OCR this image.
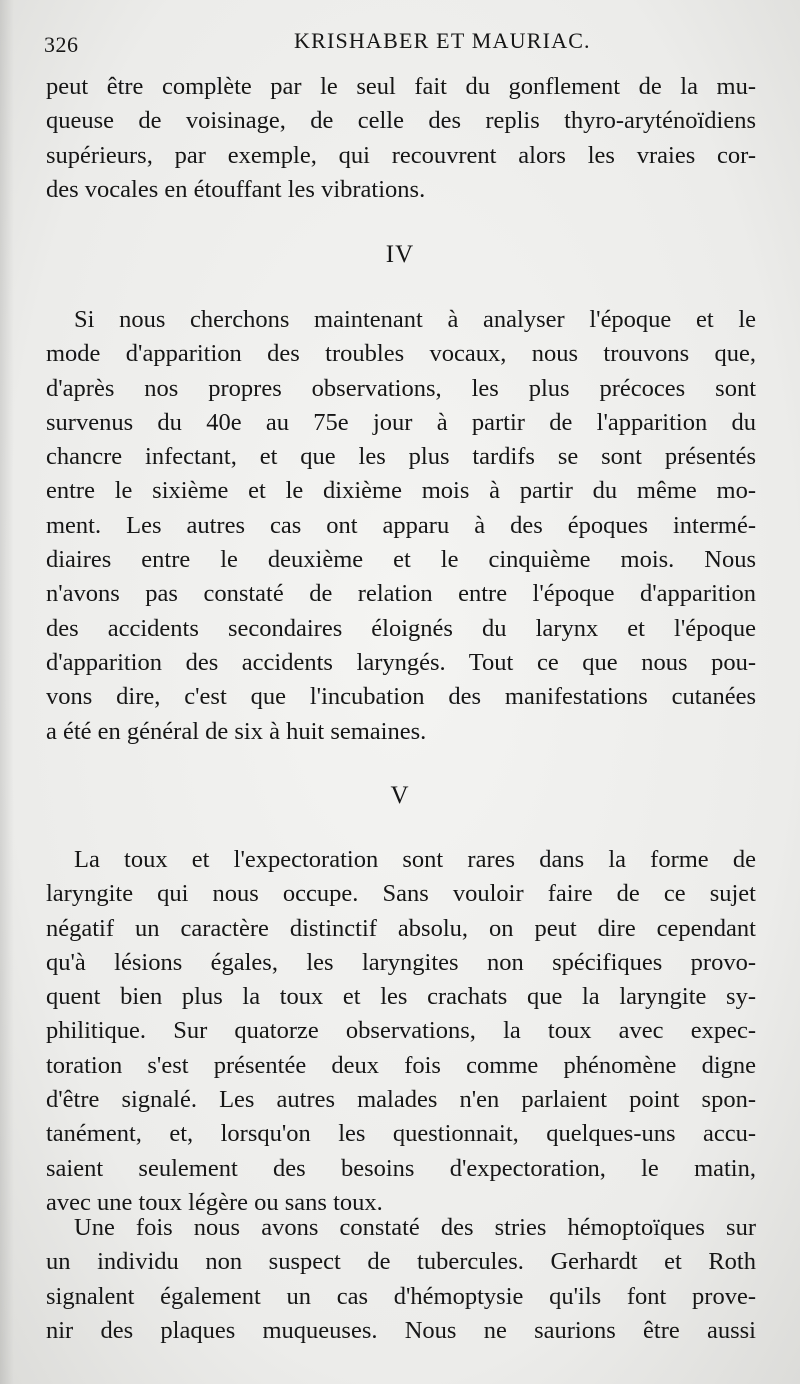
326	KRISHABER ET MAURIAC.
peut être complète par le seul fait du gonflement de la mu-
queuse de voisinage, de celle des replis thyro-aryténoïdiens
supérieurs, par exemple, qui recouvrent alors les vraies cor-
des vocales en étouffant les vibrations.
IV
Si nous cherchons maintenant à analyser l'époque et le
mode d'apparition des troubles vocaux, nous trouvons que,
d'après nos propres observations, les plus précoces sont
survenus du 40e au 75e jour à partir de l'apparition du
chancre infectant, et que les plus tardifs se sont présentés
entre le sixième et le dixième mois à partir du même mo-
ment. Les autres cas ont apparu à des époques intermé-
diaires entre le deuxième et le cinquième mois. Nous
n'avons pas constaté de relation entre l'époque d'apparition
des accidents secondaires éloignés du larynx et l'époque
d'apparition des accidents laryngés. Tout ce que nous pou-
vons dire, c'est que l'incubation des manifestations cutanées
a été en général de six à huit semaines.
V
La toux et l'expectoration sont rares dans la forme de
laryngite qui nous occupe. Sans vouloir faire de ce sujet
négatif un caractère distinctif absolu, on peut dire cependant
qu'à lésions égales, les laryngites non spécifiques provo-
quent bien plus la toux et les crachats que la laryngite sy-
philitique. Sur quatorze observations, la toux avec expec-
toration s'est présentée deux fois comme phénomène digne
d'être signalé. Les autres malades n'en parlaient point spon-
tanément, et, lorsqu'on les questionnait, quelques-uns accu-
saient seulement des besoins d'expectoration, le matin,
avec une toux légère ou sans toux.
Une fois nous avons constaté des stries hémoptoïques sur
un individu non suspect de tubercules. Gerhardt et Roth
signalent également un cas d'hémoptysie qu'ils font prove-
nir des plaques muqueuses. Nous ne saurions être aussi
